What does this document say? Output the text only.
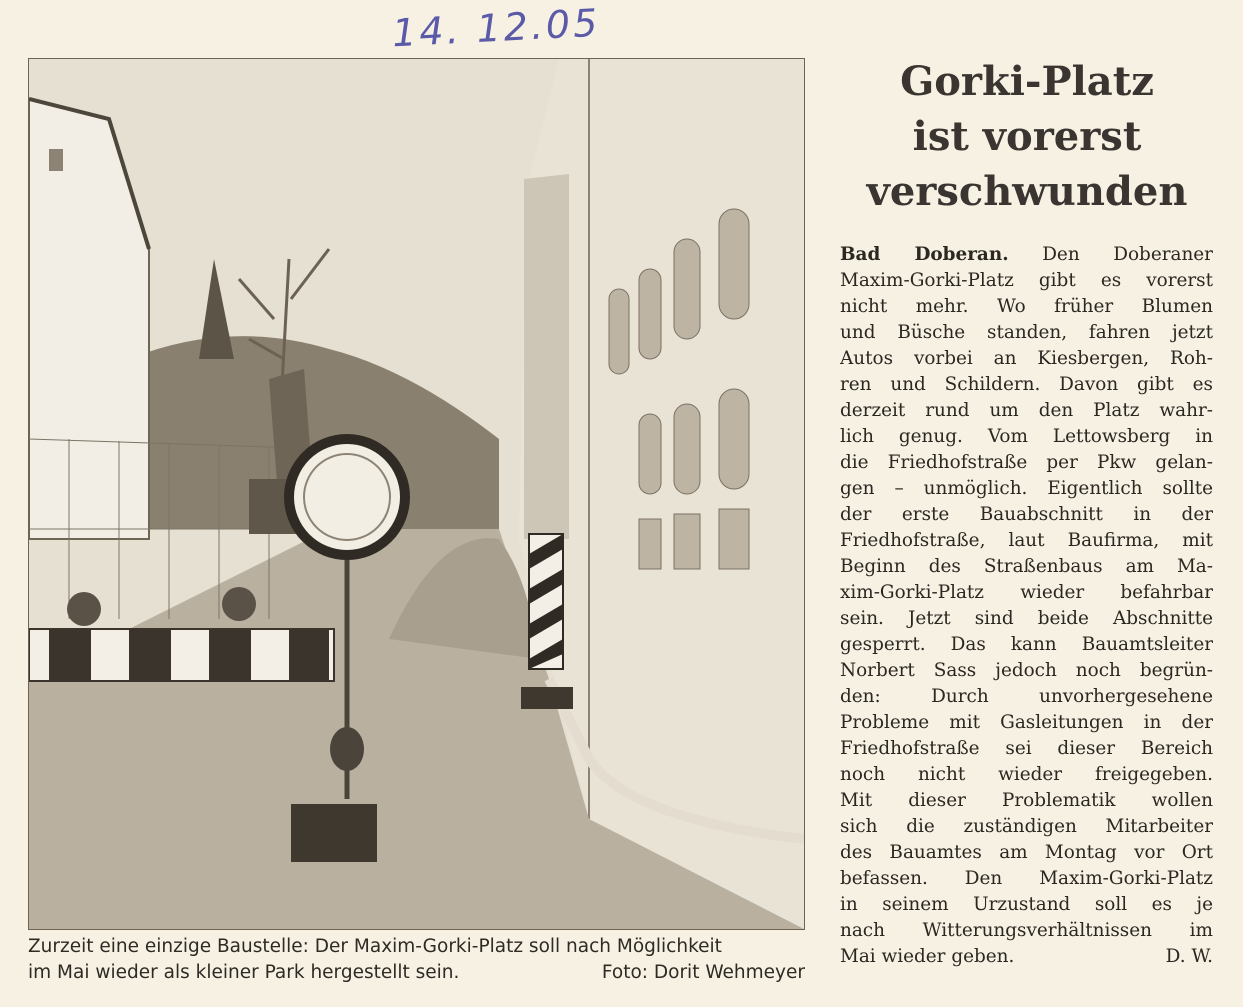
14. 12.05
Zurzeit eine einzige Baustelle: Der Maxim-Gorki-Platz soll nach Möglichkeit
im Mai wieder als kleiner Park hergestellt sein.	Foto: Dorit Wehmeyer
Gorki-Platz
ist vorerst
verschwunden
Bad Doberan. Den Doberaner
Maxim-Gorki-Platz gibt es vorerst
nicht mehr. Wo früher Blumen
und Büsche standen, fahren jetzt
Autos vorbei an Kiesbergen, Roh-
ren und Schildern. Davon gibt es
derzeit rund um den Platz wahr-
lich genug. Vom Lettowsberg in
die Friedhofstraße per Pkw gelan-
gen – unmöglich. Eigentlich sollte
der erste Bauabschnitt in der
Friedhofstraße, laut Baufirma, mit
Beginn des Straßenbaus am Ma-
xim-Gorki-Platz wieder befahrbar
sein. Jetzt sind beide Abschnitte
gesperrt. Das kann Bauamtsleiter
Norbert Sass jedoch noch begrün-
den: Durch unvorhergesehene
Probleme mit Gasleitungen in der
Friedhofstraße sei dieser Bereich
noch nicht wieder freigegeben.
Mit dieser Problematik wollen
sich die zuständigen Mitarbeiter
des Bauamtes am Montag vor Ort
befassen. Den Maxim-Gorki-Platz
in seinem Urzustand soll es je
nach Witterungsverhältnissen im
Mai wieder geben.	D. W.
